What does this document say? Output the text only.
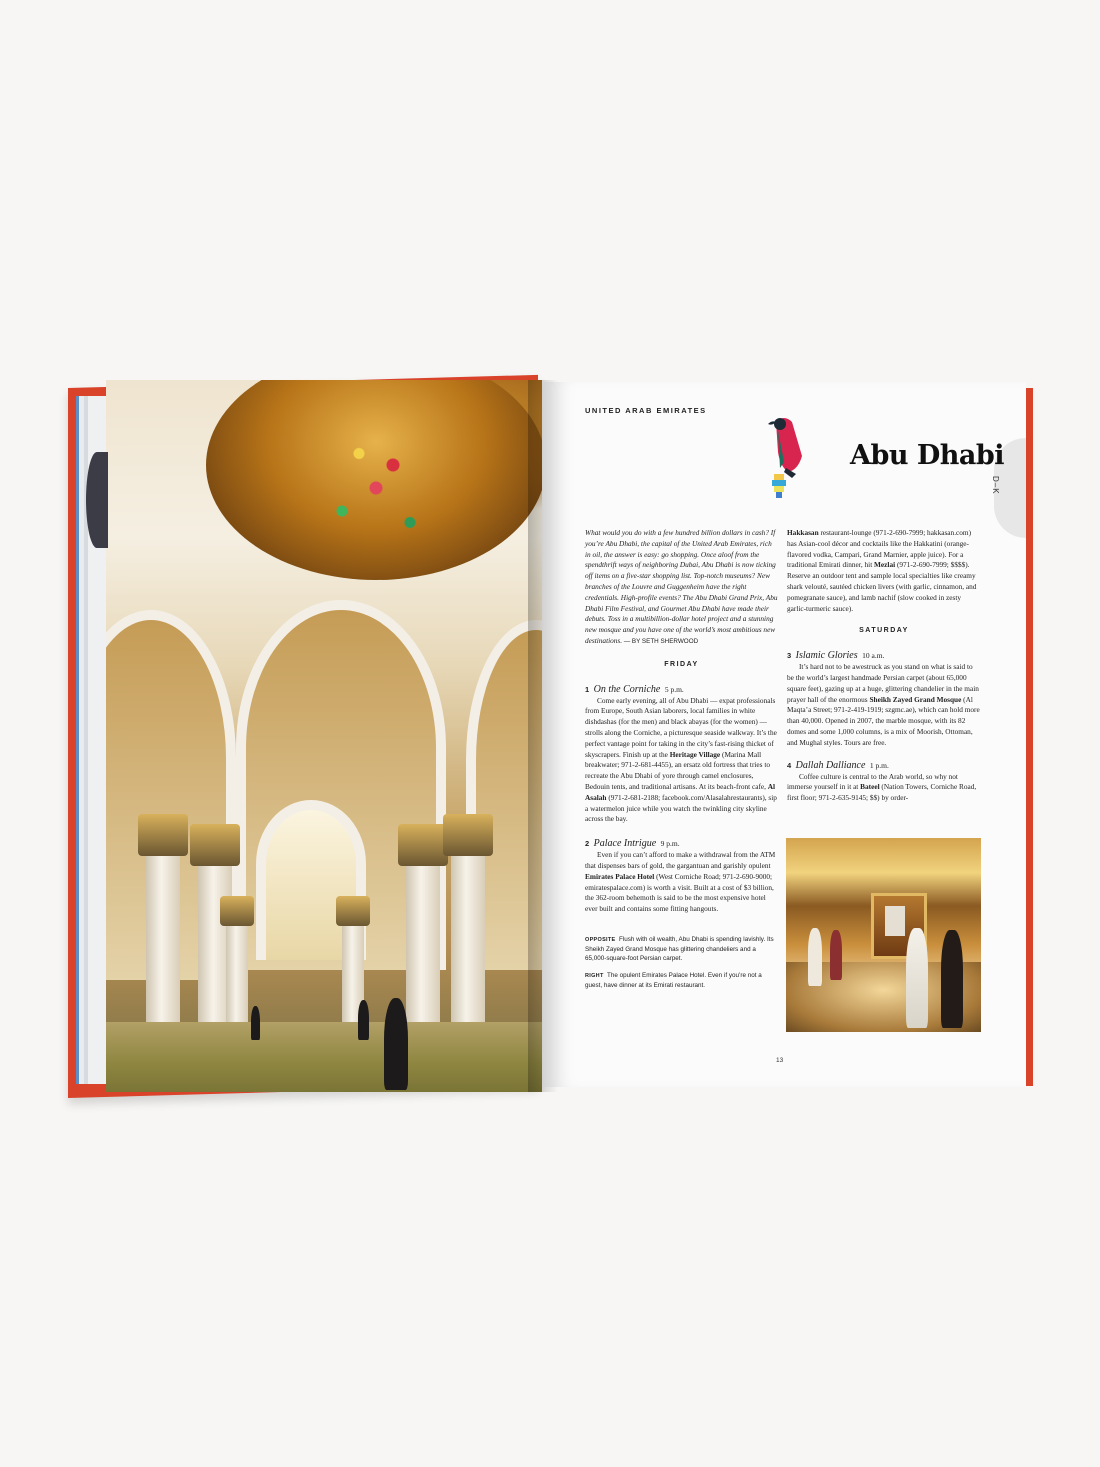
D–K
UNITED ARAB EMIRATES
Abu Dhabi

What would you do with a few hundred billion dollars in cash? If you’re Abu Dhabi, the capital of the United Arab Emirates, rich in oil, the answer is easy: go shopping. Once aloof from the spendthrift ways of neighboring Dubai, Abu Dhabi is now ticking off items on a five-star shopping list. Top-notch museums? New branches of the Louvre and Guggenheim have the right credentials. High-profile events? The Abu Dhabi Grand Prix, Abu Dhabi Film Festival, and Gourmet Abu Dhabi have made their debuts. Toss in a multibillion-dollar hotel project and a stunning new mosque and you have one of the world’s most ambitious new destinations. — BY SETH SHERWOOD

FRIDAY
1 On the Corniche 5 p.m.

Come early evening, all of Abu Dhabi — expat professionals from Europe, South Asian laborers, local families in white dishdashas (for the men) and black abayas (for the women) — strolls along the Corniche, a picturesque seaside walkway. It’s the perfect vantage point for taking in the city’s fast-rising thicket of skyscrapers. Finish up at the Heritage Village (Marina Mall breakwater; 971-2-681-4455), an ersatz old fortress that tries to recreate the Abu Dhabi of yore through camel enclosures, Bedouin tents, and traditional artisans. At its beach-front cafe, Al Asalah (971-2-681-2188; facebook.com/Alasalahrestaurants), sip a watermelon juice while you watch the twinkling city skyline across the bay.

2 Palace Intrigue 9 p.m.

Even if you can’t afford to make a withdrawal from the ATM that dispenses bars of gold, the gargantuan and garishly opulent Emirates Palace Hotel (West Corniche Road; 971-2-690-9000; emiratespalace.com) is worth a visit. Built at a cost of $3 billion, the 362-room behemoth is said to be the most expensive hotel ever built and contains some fitting hangouts.

OPPOSITE Flush with oil wealth, Abu Dhabi is spending lavishly. Its Sheikh Zayed Grand Mosque has glittering chandeliers and a 65,000-square-foot Persian carpet.

RIGHT The opulent Emirates Palace Hotel. Even if you’re not a guest, have dinner at its Emirati restaurant.

Hakkasan restaurant-lounge (971-2-690-7999; hakkasan.com) has Asian-cool décor and cocktails like the Hakkatini (orange-flavored vodka, Campari, Grand Marnier, apple juice). For a traditional Emirati dinner, hit Mezlai (971-2-690-7999; $$$$). Reserve an outdoor tent and sample local specialties like creamy shark velouté, sautéed chicken livers (with garlic, cinnamon, and pomegranate sauce), and lamb nachif (slow cooked in zesty garlic-turmeric sauce).

SATURDAY
3 Islamic Glories 10 a.m.

It’s hard not to be awestruck as you stand on what is said to be the world’s largest handmade Persian carpet (about 65,000 square feet), gazing up at a huge, glittering chandelier in the main prayer hall of the enormous Sheikh Zayed Grand Mosque (Al Maqta’a Street; 971-2-419-1919; szgmc.ae), which can hold more than 40,000. Opened in 2007, the marble mosque, with its 82 domes and some 1,000 columns, is a mix of Moorish, Ottoman, and Mughal styles. Tours are free.

4 Dallah Dalliance 1 p.m.

Coffee culture is central to the Arab world, so why not immerse yourself in it at Bateel (Nation Towers, Corniche Road, first floor; 971-2-635-9145; $$) by order-

13
